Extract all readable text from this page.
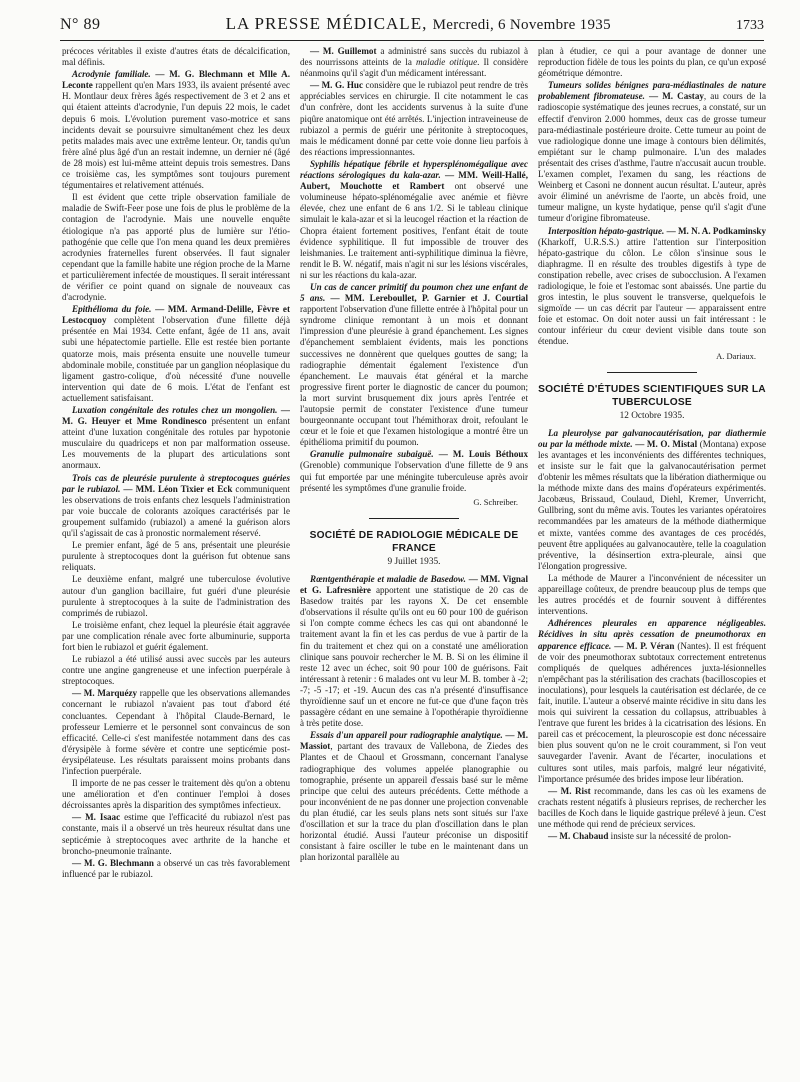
N° 89	LA PRESSE MÉDICALE, Mercredi, 6 Novembre 1935	1733

précoces véritables il existe d'autres états de décalcification, mal définis.

Acrodynie familiale. — M. G. Blechmann et Mlle A. Leconte rappellent qu'en Mars 1933, ils avaient présenté avec H. Montlaur deux frères âgés respectivement de 3 et 2 ans et qui étaient atteints d'acrodynie, l'un depuis 22 mois, le cadet depuis 6 mois. L'évolution purement vaso-motrice et sans incidents devait se poursuivre simultanément chez les deux petits malades mais avec une extrême lenteur. Or, tandis qu'un frère aîné plus âgé d'un an restait indemne, un dernier né (âgé de 28 mois) est lui-même atteint depuis trois semestres. Dans ce troisième cas, les symptômes sont toujours purement tégumentaires et relativement atténués.

Il est évident que cette triple observation familiale de maladie de Swift-Feer pose une fois de plus le problème de la contagion de l'acrodynie. Mais une nouvelle enquête étiologique n'a pas apporté plus de lumière sur l'étio-pathogénie que celle que l'on mena quand les deux premières acrodynies fraternelles furent observées. Il faut signaler cependant que la famille habite une région proche de la Marne et particulièrement infectée de moustiques. Il serait intéressant de vérifier ce point quand on signale de nouveaux cas d'acrodynie.

Epithélioma du foie. — MM. Armand-Delille, Fèvre et Lestocquoy complètent l'observation d'une fillette déjà présentée en Mai 1934. Cette enfant, âgée de 11 ans, avait subi une hépatectomie partielle. Elle est restée bien portante quatorze mois, mais présenta ensuite une nouvelle tumeur abdominale mobile, constituée par un ganglion néoplasique du ligament gastro-colique, d'où nécessité d'une nouvelle intervention qui date de 6 mois. L'état de l'enfant est actuellement satisfaisant.

Luxation congénitale des rotules chez un mongolien. — M. G. Heuyer et Mme Rondinesco présentent un enfant atteint d'une luxation congénitale des rotules par hypotonie musculaire du quadriceps et non par malformation osseuse. Les mouvements de la plupart des articulations sont anormaux.

Trois cas de pleurésie purulente à streptocoques guéries par le rubiazol. — MM. Léon Tixier et Eck communiquent les observations de trois enfants chez lesquels l'administration par voie buccale de colorants azoïques caractérisés par le groupement sulfamido (rubiazol) a amené la guérison alors qu'il s'agissait de cas à pronostic normalement réservé.

Le premier enfant, âgé de 5 ans, présentait une pleurésie purulente à streptocoques dont la guérison fut obtenue sans reliquats.

Le deuxième enfant, malgré une tuberculose évolutive autour d'un ganglion bacillaire, fut guéri d'une pleurésie purulente à streptocoques à la suite de l'administration des comprimés de rubiazol.

Le troisième enfant, chez lequel la pleurésie était aggravée par une complication rénale avec forte albuminurie, supporta fort bien le rubiazol et guérit également.

Le rubiazol a été utilisé aussi avec succès par les auteurs contre une angine gangreneuse et une infection puerpérale à streptocoques.

— M. Marquézy rappelle que les observations allemandes concernant le rubiazol n'avaient pas tout d'abord été concluantes. Cependant à l'hôpital Claude-Bernard, le professeur Lemierre et le personnel sont convaincus de son efficacité. Celle-ci s'est manifestée notamment dans des cas d'érysipèle à forme sévère et contre une septicémie post-érysipélateuse. Les résultats paraissent moins probants dans l'infection puerpérale.

Il importe de ne pas cesser le traitement dès qu'on a obtenu une amélioration et d'en continuer l'emploi à doses décroissantes après la disparition des symptômes infectieux.

— M. Isaac estime que l'efficacité du rubiazol n'est pas constante, mais il a observé un très heureux résultat dans une septicémie à streptocoques avec arthrite de la hanche et broncho-pneumonie traînante.

— M. G. Blechmann a observé un cas très favorablement influencé par le rubiazol.

— M. Guillemot a administré sans succès du rubiazol à des nourrissons atteints de la maladie otitique. Il considère néanmoins qu'il s'agit d'un médicament intéressant.

— M. G. Huc considère que le rubiazol peut rendre de très appréciables services en chirurgie. Il cite notamment le cas d'un confrère, dont les accidents survenus à la suite d'une piqûre anatomique ont été arrêtés. L'injection intraveineuse de rubiazol a permis de guérir une péritonite à streptocoques, mais le médicament donné par cette voie donne lieu parfois à des réactions impressionnantes.

Syphilis hépatique fébrile et hypersplénomégalique avec réactions sérologiques du kala-azar. — MM. Weill-Hallé, Aubert, Mouchotte et Rambert ont observé une volumineuse hépato-splénomégalie avec anémie et fièvre élevée, chez une enfant de 6 ans 1/2. Si le tableau clinique simulait le kala-azar et si la leucogel réaction et la réaction de Chopra étaient fortement positives, l'enfant était de toute évidence syphilitique. Il fut impossible de trouver des leishmanies. Le traitement anti-syphilitique diminua la fièvre, rendit le B. W. négatif, mais n'agit ni sur les lésions viscérales, ni sur les réactions du kala-azar.

Un cas de cancer primitif du poumon chez une enfant de 5 ans. — MM. Lereboullet, P. Garnier et J. Courtial rapportent l'observation d'une fillette entrée à l'hôpital pour un syndrome clinique remontant à un mois et donnant l'impression d'une pleurésie à grand épanchement. Les signes d'épanchement semblaient évidents, mais les ponctions successives ne donnèrent que quelques gouttes de sang; la radiographie démentait également l'existence d'un épanchement. Le mauvais état général et la marche progressive firent porter le diagnostic de cancer du poumon; la mort survint brusquement dix jours après l'entrée et l'autopsie permit de constater l'existence d'une tumeur bourgeonnante occupant tout l'hémithorax droit, refoulant le cœur et le foie et que l'examen histologique a montré être un épithélioma primitif du poumon.

Granulie pulmonaire subaiguë. — M. Louis Béthoux (Grenoble) communique l'observation d'une fillette de 9 ans qui fut emportée par une méningite tuberculeuse après avoir présenté les symptômes d'une granulie froide.

G. Schreiber.

SOCIÉTÉ DE RADIOLOGIE MÉDICALE DE FRANCE
9 Juillet 1935.

Rœntgenthérapie et maladie de Basedow. — MM. Vignal et G. Lafresnière apportent une statistique de 20 cas de Basedow traités par les rayons X. De cet ensemble d'observations il résulte qu'ils ont eu 60 pour 100 de guérison si l'on compte comme échecs les cas qui ont abandonné le traitement avant la fin et les cas perdus de vue à partir de la fin du traitement et chez qui on a constaté une amélioration clinique sans pouvoir rechercher le M. B. Si on les élimine il reste 12 avec un échec, soit 90 pour 100 de guérisons. Fait intéressant à retenir : 6 malades ont vu leur M. B. tomber à -2; -7; -5 -17; et -19. Aucun des cas n'a présenté d'insuffisance thyroïdienne sauf un et encore ne fut-ce que d'une façon très passagère cédant en une semaine à l'opothérapie thyroïdienne à très petite dose.

Essais d'un appareil pour radiographie analytique. — M. Massiot, partant des travaux de Vallebona, de Ziedes des Plantes et de Chaoul et Grossmann, concernant l'analyse radiographique des volumes appelée planographie ou tomographie, présente un appareil d'essais basé sur le même principe que celui des auteurs précédents. Cette méthode a pour inconvénient de ne pas donner une projection convenable du plan étudié, car les seuls plans nets sont situés sur l'axe d'oscillation et sur la trace du plan d'oscillation dans le plan horizontal étudié. Aussi l'auteur préconise un dispositif consistant à faire osciller le tube en le maintenant dans un plan horizontal parallèle au

plan à étudier, ce qui a pour avantage de donner une reproduction fidèle de tous les points du plan, ce qu'un exposé géométrique démontre.

Tumeurs solides bénignes para-médiastinales de nature probablement fibromateuse. — M. Castay, au cours de la radioscopie systématique des jeunes recrues, a constaté, sur un effectif d'environ 2.000 hommes, deux cas de grosse tumeur para-médiastinale postérieure droite. Cette tumeur au point de vue radiologique donne une image à contours bien délimités, empiétant sur le champ pulmonaire. L'un des malades présentait des crises d'asthme, l'autre n'accusait aucun trouble. L'examen complet, l'examen du sang, les réactions de Weinberg et Casoni ne donnent aucun résultat. L'auteur, après avoir éliminé un anévrisme de l'aorte, un abcès froid, une tumeur maligne, un kyste hydatique, pense qu'il s'agit d'une tumeur d'origine fibromateuse.

Interposition hépato-gastrique. — M. N. A. Podkaminsky (Kharkoff, U.R.S.S.) attire l'attention sur l'interposition hépato-gastrique du côlon. Le côlon s'insinue sous le diaphragme. Il en résulte des troubles digestifs à type de constipation rebelle, avec crises de subocclusion. A l'examen radiologique, le foie et l'estomac sont abaissés. Une partie du gros intestin, le plus souvent le transverse, quelquefois le sigmoïde — un cas décrit par l'auteur — apparaissent entre foie et estomac. On doit noter aussi un fait intéressant : le contour inférieur du cœur devient visible dans toute son étendue.

A. Dariaux.

SOCIÉTÉ D'ÉTUDES SCIENTIFIQUES SUR LA TUBERCULOSE
12 Octobre 1935.

La pleurolyse par galvanocautérisation, par diathermie ou par la méthode mixte. — M. O. Mistal (Montana) expose les avantages et les inconvénients des différentes techniques, et insiste sur le fait que la galvanocautérisation permet d'obtenir les mêmes résultats que la libération diathermique ou la méthode mixte dans des mains d'opérateurs expérimentés. Jacobæus, Brissaud, Coulaud, Diehl, Kremer, Unverricht, Gullbring, sont du même avis. Toutes les variantes opératoires recommandées par les amateurs de la méthode diathermique et mixte, vantées comme des avantages de ces procédés, peuvent être appliquées au galvanocautère, telle la coagulation préventive, la désinsertion extra-pleurale, ainsi que l'élongation progressive.

La méthode de Maurer a l'inconvénient de nécessiter un appareillage coûteux, de prendre beaucoup plus de temps que les autres procédés et de fournir souvent à différentes interventions.

Adhérences pleurales en apparence négligeables. Récidives in situ après cessation de pneumothorax en apparence efficace. — M. P. Véran (Nantes). Il est fréquent de voir des pneumothorax subtotaux correctement entretenus compliqués de quelques adhérences juxta-lésionnelles n'empêchant pas la stérilisation des crachats (bacilloscopies et inoculations), pour lesquels la cautérisation est déclarée, de ce fait, inutile. L'auteur a observé mainte récidive in situ dans les mois qui suivirent la cessation du collapsus, attribuables à l'entrave que furent les brides à la cicatrisation des lésions. En pareil cas et précocement, la pleuroscopie est donc nécessaire bien plus souvent qu'on ne le croit couramment, si l'on veut sauvegarder l'avenir. Avant de l'écarter, inoculations et cultures sont utiles, mais parfois, malgré leur négativité, l'importance présumée des brides impose leur libération.

— M. Rist recommande, dans les cas où les examens de crachats restent négatifs à plusieurs reprises, de rechercher les bacilles de Koch dans le liquide gastrique prélevé à jeun. C'est une méthode qui rend de précieux services.

— M. Chabaud insiste sur la nécessité de prolon-
